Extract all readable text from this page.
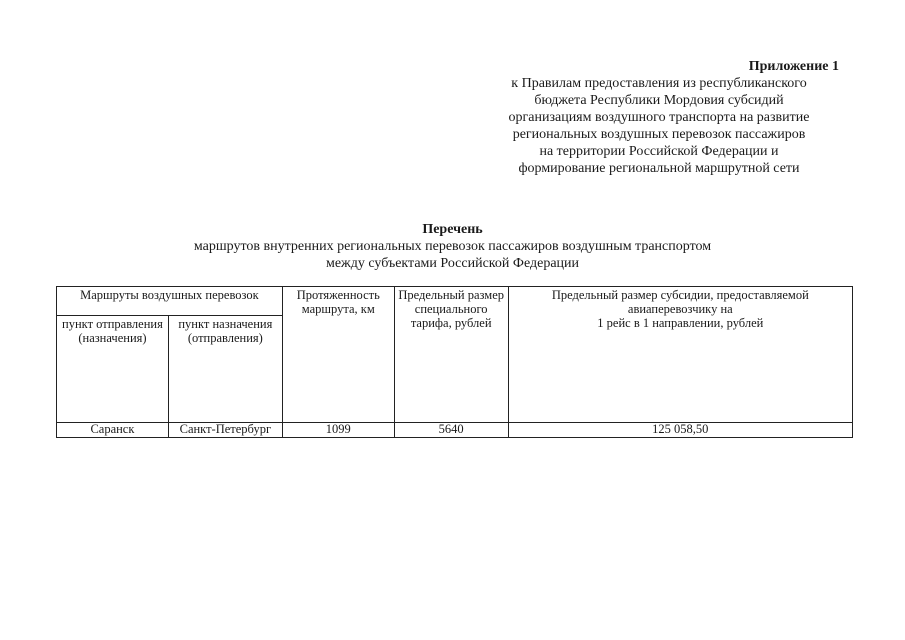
Приложение 1
к Правилам предоставления из республиканского
бюджета Республики Мордовия субсидий
организациям воздушного транспорта на развитие
региональных воздушных перевозок пассажиров
на территории Российской Федерации и
формирование региональной маршрутной сети
Перечень
маршрутов внутренних региональных перевозок пассажиров воздушным транспортом
между субъектами Российской Федерации
Маршруты воздушных перевозок		Протяженность маршрута, км	Предельный размер специального тарифа, рублей	Предельный размер субсидии, предоставляемой авиаперевозчику на
1 рейс в 1 направлении, рублей

пункт отправления (назначения)	пункт назначения (отправления)			
Саранск	Санкт-Петербург	1099	5640	125 058,50
